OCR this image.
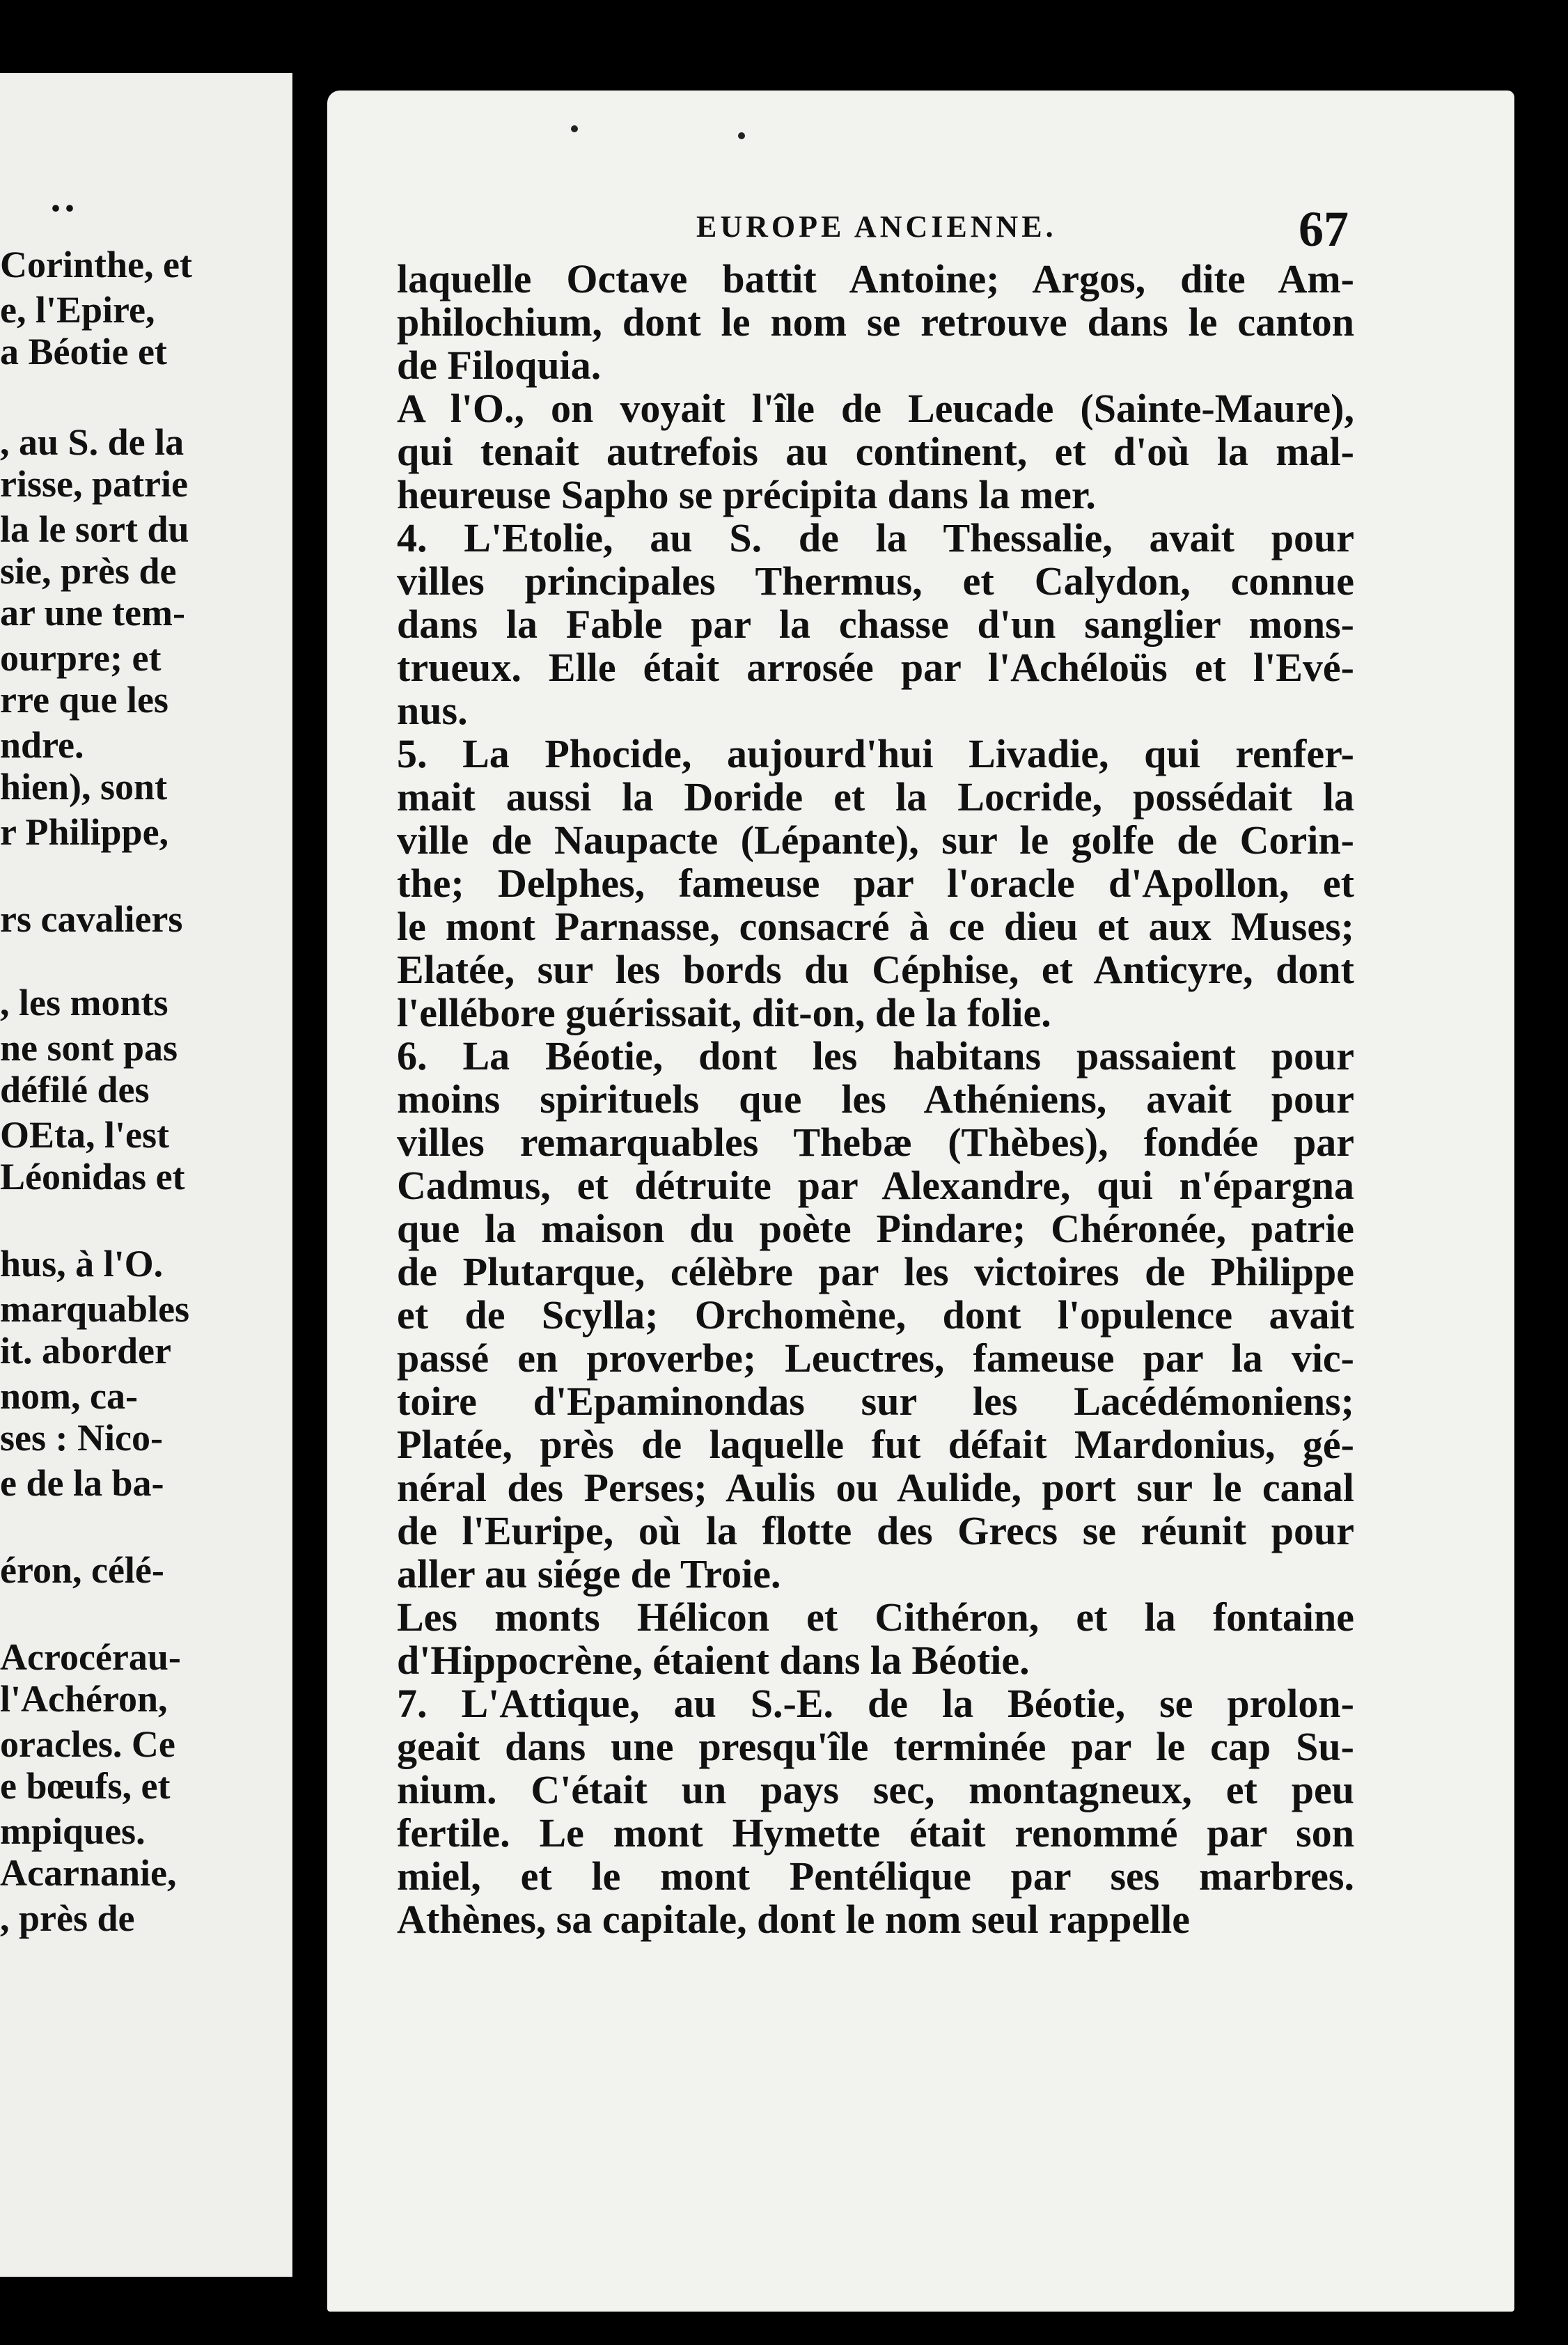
··
Corinthe, et
e, l'Epire,
a Béotie et
, au S. de la
risse, patrie
la le sort du
sie, près de
ar une tem-
ourpre; et
rre que les
ndre.
hien), sont
r Philippe,
rs cavaliers
, les monts
ne sont pas
défilé des
OEta, l'est
Léonidas et
hus, à l'O.
marquables
it. aborder
nom, ca-
ses : Nico-
e de la ba-
éron, célé-
Acrocérau-
l'Achéron,
oracles. Ce
e bœufs, et
mpiques.
Acarnanie,
, près de
EUROPE ANCIENNE.	67
laquelle Octave battit Antoine; Argos, dite Am-
philochium, dont le nom se retrouve dans le canton
de Filoquia.
A l'O., on voyait l'île de Leucade (Sainte-Maure),
qui tenait autrefois au continent, et d'où la mal-
heureuse Sapho se précipita dans la mer.
4. L'Etolie, au S. de la Thessalie, avait pour
villes principales Thermus, et Calydon, connue
dans la Fable par la chasse d'un sanglier mons-
trueux. Elle était arrosée par l'Achéloüs et l'Evé-
nus.
5. La Phocide, aujourd'hui Livadie, qui renfer-
mait aussi la Doride et la Locride, possédait la
ville de Naupacte (Lépante), sur le golfe de Corin-
the; Delphes, fameuse par l'oracle d'Apollon, et
le mont Parnasse, consacré à ce dieu et aux Muses;
Elatée, sur les bords du Céphise, et Anticyre, dont
l'ellébore guérissait, dit-on, de la folie.
6. La Béotie, dont les habitans passaient pour
moins spirituels que les Athéniens, avait pour
villes remarquables Thebæ (Thèbes), fondée par
Cadmus, et détruite par Alexandre, qui n'épargna
que la maison du poète Pindare; Chéronée, patrie
de Plutarque, célèbre par les victoires de Philippe
et de Scylla; Orchomène, dont l'opulence avait
passé en proverbe; Leuctres, fameuse par la vic-
toire d'Epaminondas sur les Lacédémoniens;
Platée, près de laquelle fut défait Mardonius, gé-
néral des Perses; Aulis ou Aulide, port sur le canal
de l'Euripe, où la flotte des Grecs se réunit pour
aller au siége de Troie.
Les monts Hélicon et Cithéron, et la fontaine
d'Hippocrène, étaient dans la Béotie.
7. L'Attique, au S.-E. de la Béotie, se prolon-
geait dans une presqu'île terminée par le cap Su-
nium. C'était un pays sec, montagneux, et peu
fertile. Le mont Hymette était renommé par son
miel, et le mont Pentélique par ses marbres.
Athènes, sa capitale, dont le nom seul rappelle
